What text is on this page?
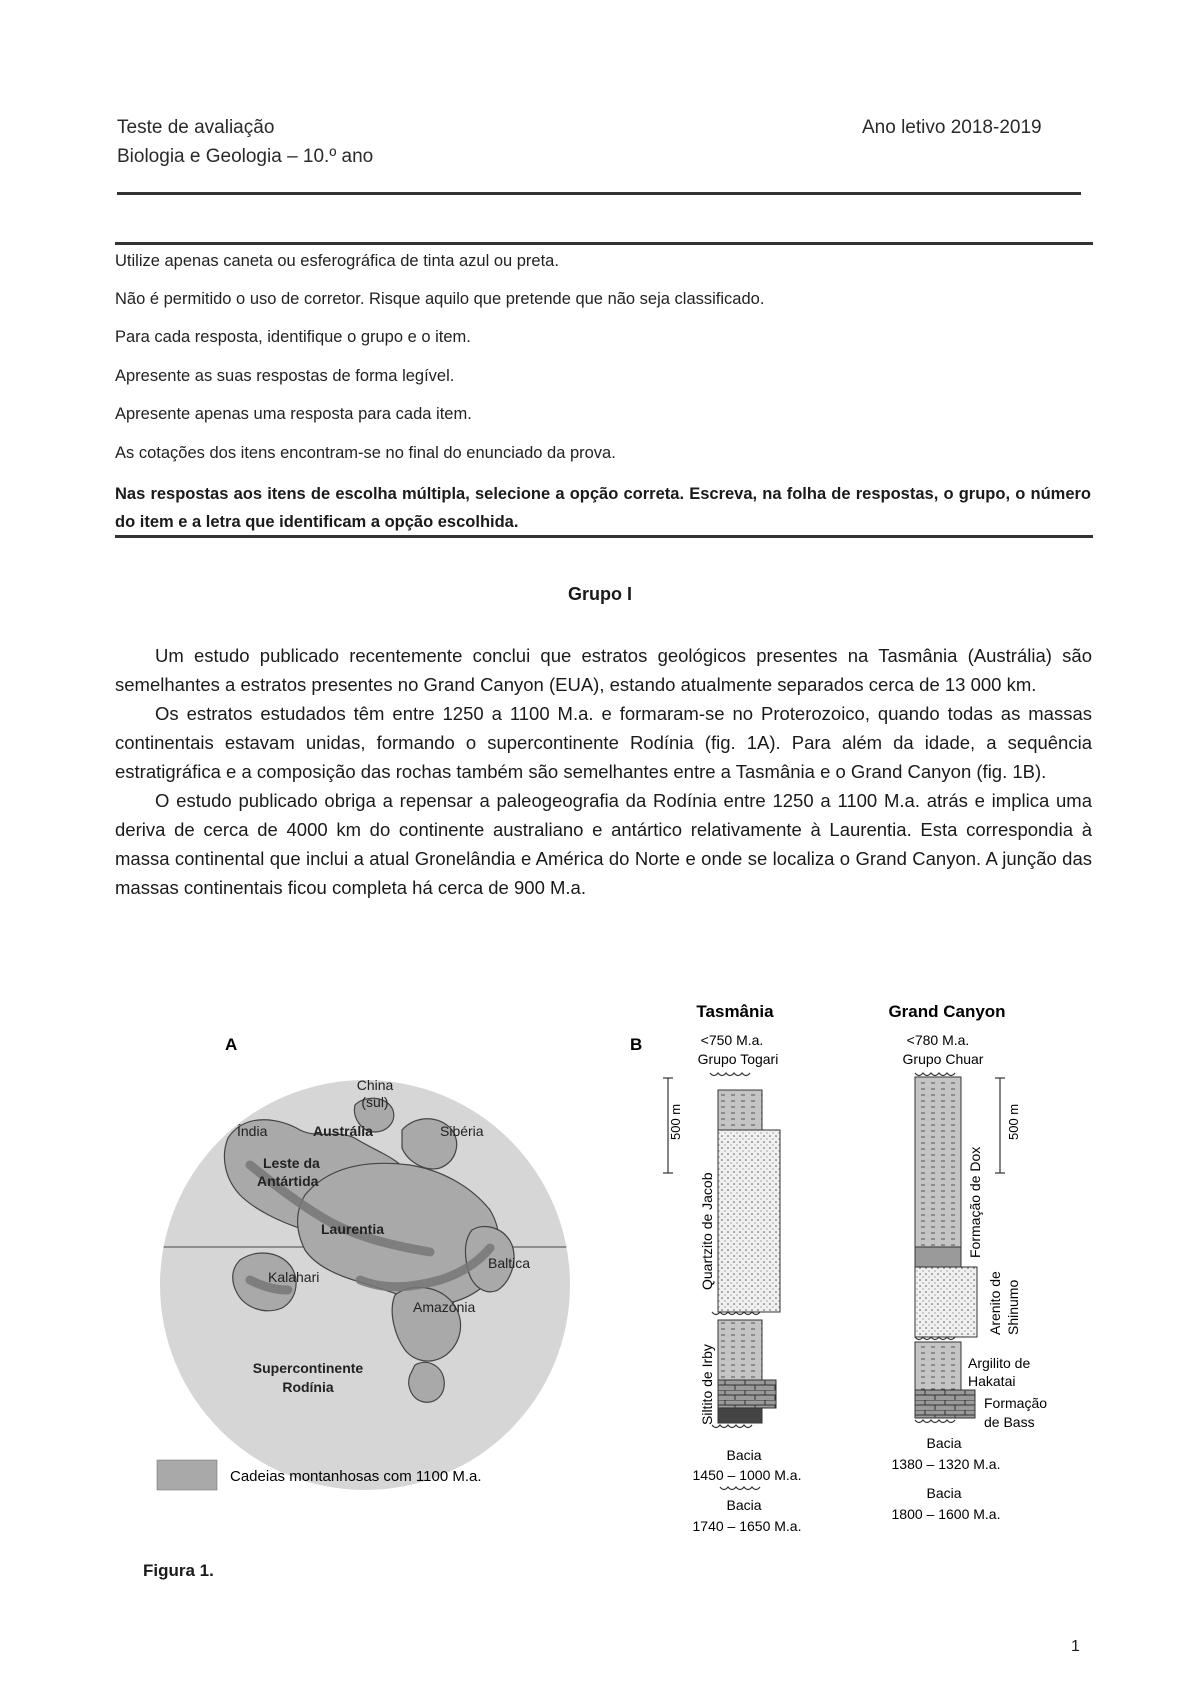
Teste de avaliação
Biologia e Geologia – 10.º ano
Ano letivo 2018-2019
Utilize apenas caneta ou esferográfica de tinta azul ou preta.
Não é permitido o uso de corretor. Risque aquilo que pretende que não seja classificado.
Para cada resposta, identifique o grupo e o item.
Apresente as suas respostas de forma legível.
Apresente apenas uma resposta para cada item.
As cotações dos itens encontram-se no final do enunciado da prova.
Nas respostas aos itens de escolha múltipla, selecione a opção correta. Escreva, na folha de respostas, o grupo, o número do item e a letra que identificam a opção escolhida.
Grupo I

Um estudo publicado recentemente conclui que estratos geológicos presentes na Tasmânia (Austrália) são semelhantes a estratos presentes no Grand Canyon (EUA), estando atualmente separados cerca de 13 000 km.

Os estratos estudados têm entre 1250 a 1100 M.a. e formaram-se no Proterozoico, quando todas as massas continentais estavam unidas, formando o supercontinente Rodínia (fig. 1A). Para além da idade, a sequência estratigráfica e a composição das rochas também são semelhantes entre a Tasmânia e o Grand Canyon (fig. 1B).

O estudo publicado obriga a repensar a paleogeografia da Rodínia entre 1250 a 1100 M.a. atrás e implica uma deriva de cerca de 4000 km do continente australiano e antártico relativamente à Laurentia. Esta correspondia à massa continental que inclui a atual Gronelândia e América do Norte e onde se localiza o Grand Canyon. A junção das massas continentais ficou completa há cerca de 900 M.a.

A
China
(sul)
Índia	Austrália	Sibéria
Leste da
Antártida
Laurentia
Baltica
Kalahari
Amazónia
Supercontinente
Rodínia
Cadeias montanhosas com 1100 M.a.
B
Tasmânia
<750 M.a.
Grupo Togari
500 m
Quartzito de Jacob
Siltito de Irby
Bacia
1450 – 1000 M.a.
Bacia
1740 – 1650 M.a.
Grand Canyon
<780 M.a.
Grupo Chuar
Formação de Dox
500 m
Arenito de Shinumo
Argilito de
Hakatai
Formação
de Bass
Bacia
1380 – 1320 M.a.
Bacia
1800 – 1600 M.a.
Figura 1.
1
